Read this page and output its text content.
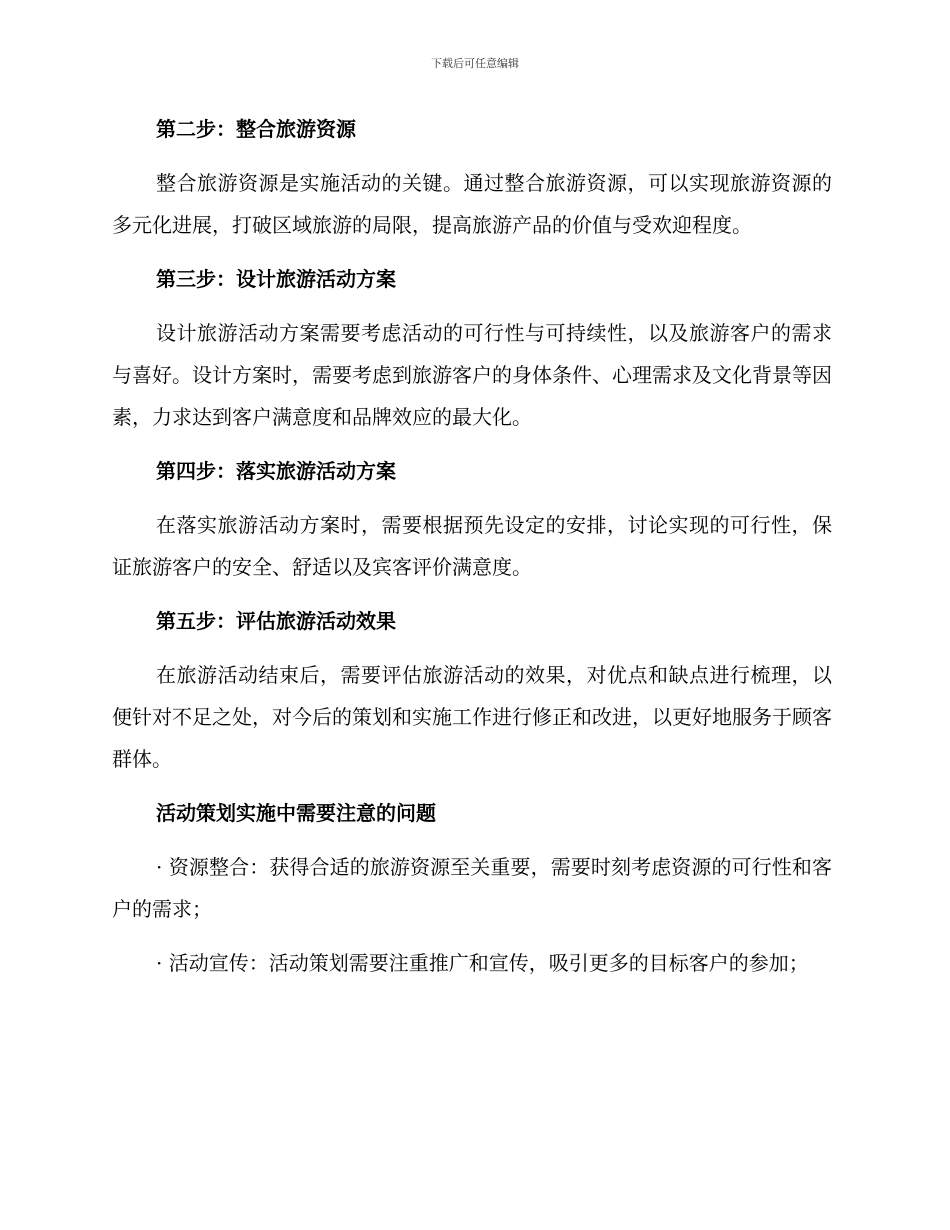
下载后可任意编辑
第二步：整合旅游资源
整合旅游资源是实施活动的关键。通过整合旅游资源，可以实现旅游资源的多元化进展，打破区域旅游的局限，提高旅游产品的价值与受欢迎程度。
第三步：设计旅游活动方案
设计旅游活动方案需要考虑活动的可行性与可持续性，以及旅游客户的需求与喜好。设计方案时，需要考虑到旅游客户的身体条件、心理需求及文化背景等因素，力求达到客户满意度和品牌效应的最大化。
第四步：落实旅游活动方案
在落实旅游活动方案时，需要根据预先设定的安排，讨论实现的可行性，保证旅游客户的安全、舒适以及宾客评价满意度。
第五步：评估旅游活动效果
在旅游活动结束后，需要评估旅游活动的效果，对优点和缺点进行梳理，以便针对不足之处，对今后的策划和实施工作进行修正和改进，以更好地服务于顾客群体。
活动策划实施中需要注意的问题
· 资源整合：获得合适的旅游资源至关重要，需要时刻考虑资源的可行性和客户的需求；
· 活动宣传：活动策划需要注重推广和宣传，吸引更多的目标客户的参加；
